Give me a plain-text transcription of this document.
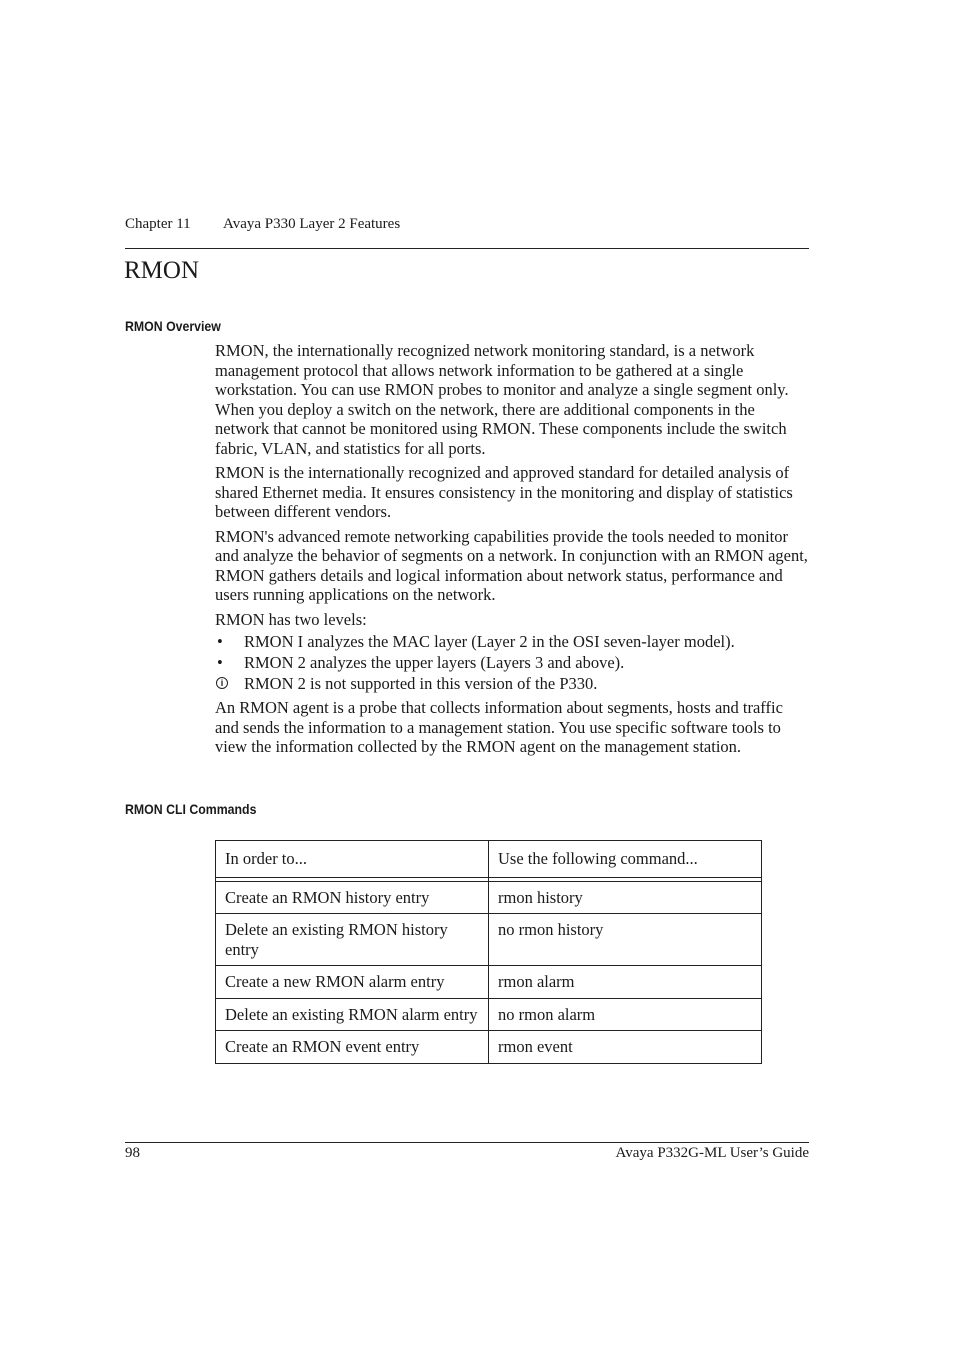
Chapter 11 Avaya P330 Layer 2 Features
RMON
RMON Overview

RMON, the internationally recognized network monitoring standard, is a network management protocol that allows network information to be gathered at a single workstation. You can use RMON probes to monitor and analyze a single segment only. When you deploy a switch on the network, there are additional components in the network that cannot be monitored using RMON. These components include the switch fabric, VLAN, and statistics for all ports.

RMON is the internationally recognized and approved standard for detailed analysis of shared Ethernet media. It ensures consistency in the monitoring and display of statistics between different vendors.

RMON's advanced remote networking capabilities provide the tools needed to monitor and analyze the behavior of segments on a network. In conjunction with an RMON agent, RMON gathers details and logical information about network status, performance and users running applications on the network.

RMON has two levels:

• RMON I analyzes the MAC layer (Layer 2 in the OSI seven-layer model).
• RMON 2 analyzes the upper layers (Layers 3 and above).
i RMON 2 is not supported in this version of the P330.

An RMON agent is a probe that collects information about segments, hosts and traffic and sends the information to a management station. You use specific software tools to view the information collected by the RMON agent on the management station.

RMON CLI Commands
In order to...	Use the following command...

Create an RMON history entry	rmon history
Delete an existing RMON history entry	no rmon history
Create a new RMON alarm entry	rmon alarm
Delete an existing RMON alarm entry	no rmon alarm
Create an RMON event entry	rmon event
98	Avaya P332G-ML User’s Guide
